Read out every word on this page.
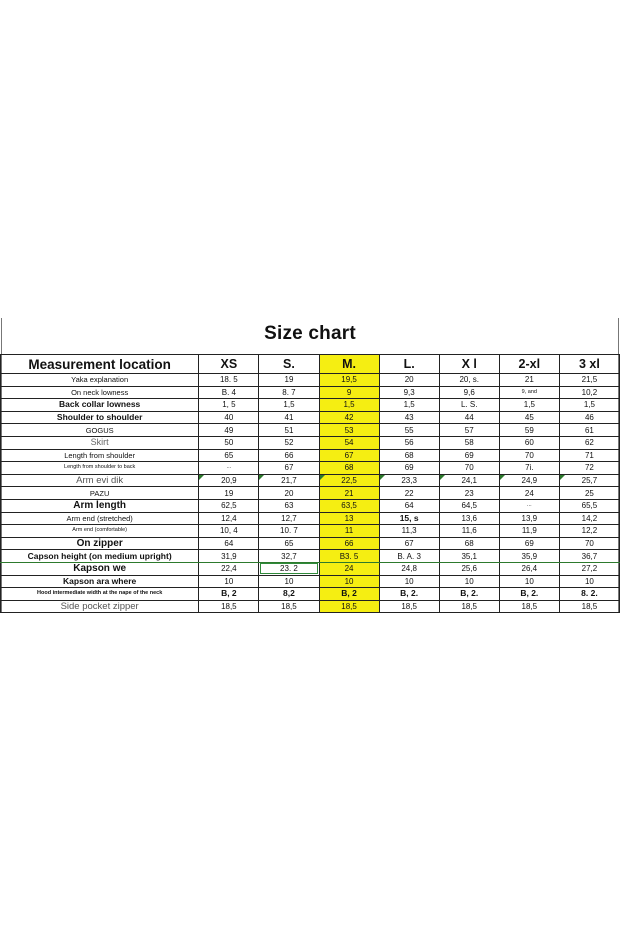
Size chart
Measurement location	XS	S.	M.	L.	X l	2-xl	3 xl
Yaka explanation	18. 5	19	19,5	20	20, s.	21	21,5
On neck lowness	B. 4	8. 7	9	9,3	9,6	9, and	10,2
Back collar lowness	1, 5	1,5	1,5	1,5	L. S.	1,5	1,5
Shoulder to shoulder	40	41	42	43	44	45	46
GOGUS	49	51	53	55	57	59	61
Skirt	50	52	54	56	58	60	62
Length from shoulder	65	66	67	68	69	70	71
Length from shoulder to back	...	67	68	69	70	7i.	72
Arm evi dik	20,9	21,7	22,5	23,3	24,1	24,9	25,7
PAZU	19	20	21	22	23	24	25
Arm length	62,5	63	63,5	64	64,5	...	65,5
Arm end (stretched)	12,4	12,7	13	15, s	13,6	13,9	14,2
Arm end (comfortable)	10, 4	10. 7	11	11,3	11,6	11,9	12,2
On zipper	64	65	66	67	68	69	70
Capson height (on medium upright)	31,9	32,7	B3. 5	B. A. 3	35,1	35,9	36,7
Kapson we	22,4	23. 2	24	24,8	25,6	26,4	27,2
Kapson ara where	10	10	10	10	10	10	10
Hood intermediate width at the nape of the neck	B, 2	8,2	B, 2	B, 2.	B, 2.	B, 2.	8. 2.
Side pocket zipper	18,5	18,5	18,5	18,5	18,5	18,5	18,5
